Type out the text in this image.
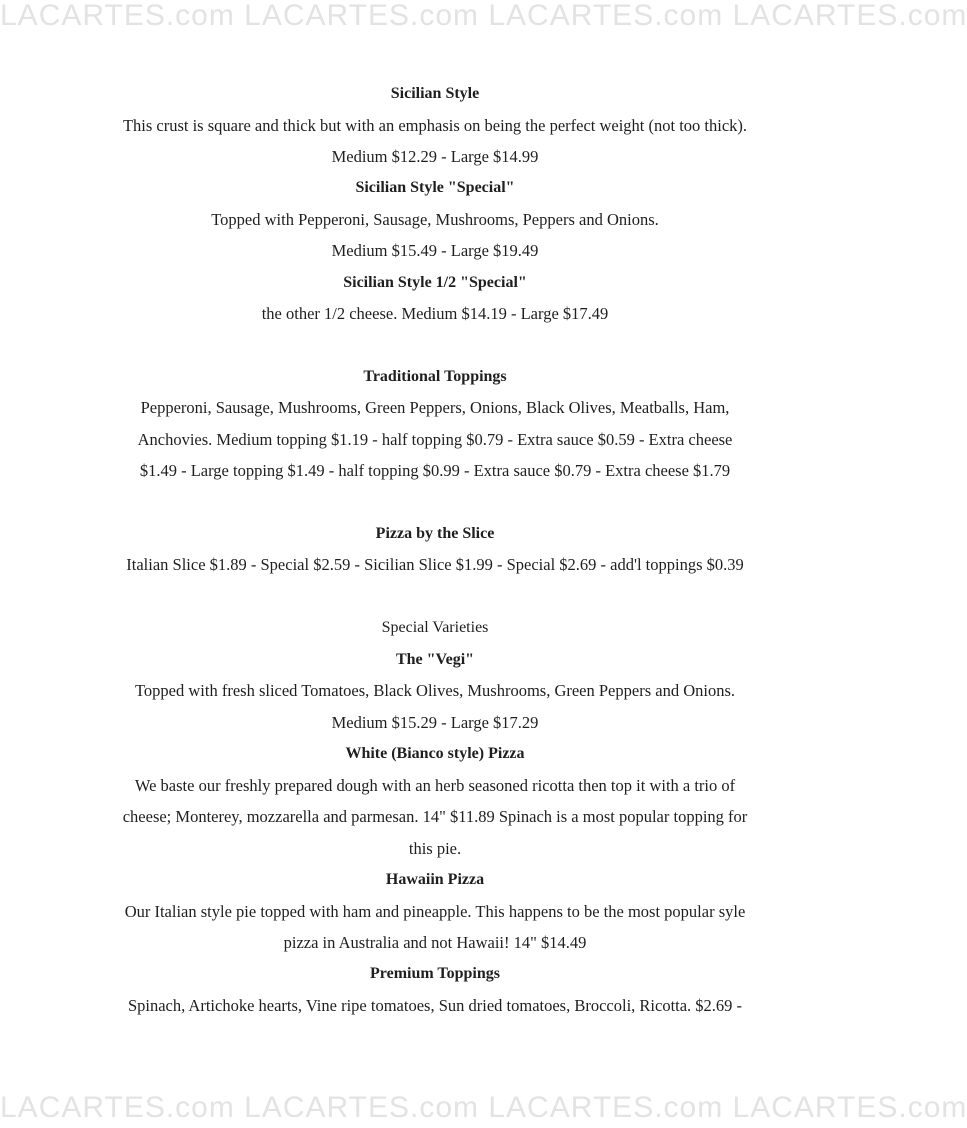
LACARTES.com LACARTES.com LACARTES.com LACARTES.com
Sicilian Style
This crust is square and thick but with an emphasis on being the perfect weight (not too thick).
Medium $12.29 - Large $14.99
Sicilian Style "Special"
Topped with Pepperoni, Sausage, Mushrooms, Peppers and Onions.
Medium $15.49 - Large $19.49
Sicilian Style 1/2 "Special"
the other 1/2 cheese. Medium $14.19 - Large $17.49
Traditional Toppings
Pepperoni, Sausage, Mushrooms, Green Peppers, Onions, Black Olives, Meatballs, Ham,
Anchovies. Medium topping $1.19 - half topping $0.79 - Extra sauce $0.59 - Extra cheese
$1.49 - Large topping $1.49 - half topping $0.99 - Extra sauce $0.79 - Extra cheese $1.79
Pizza by the Slice
Italian Slice $1.89 - Special $2.59 - Sicilian Slice $1.99 - Special $2.69 - add'l toppings $0.39
Special Varieties
The "Vegi"
Topped with fresh sliced Tomatoes, Black Olives, Mushrooms, Green Peppers and Onions.
Medium $15.29 - Large $17.29
White (Bianco style) Pizza
We baste our freshly prepared dough with an herb seasoned ricotta then top it with a trio of
cheese; Monterey, mozzarella and parmesan. 14" $11.89 Spinach is a most popular topping for
this pie.
Hawaiin Pizza
Our Italian style pie topped with ham and pineapple. This happens to be the most popular syle
pizza in Australia and not Hawaii! 14" $14.49
Premium Toppings
Spinach, Artichoke hearts, Vine ripe tomatoes, Sun dried tomatoes, Broccoli, Ricotta. $2.69 -
LACARTES.com LACARTES.com LACARTES.com LACARTES.com
